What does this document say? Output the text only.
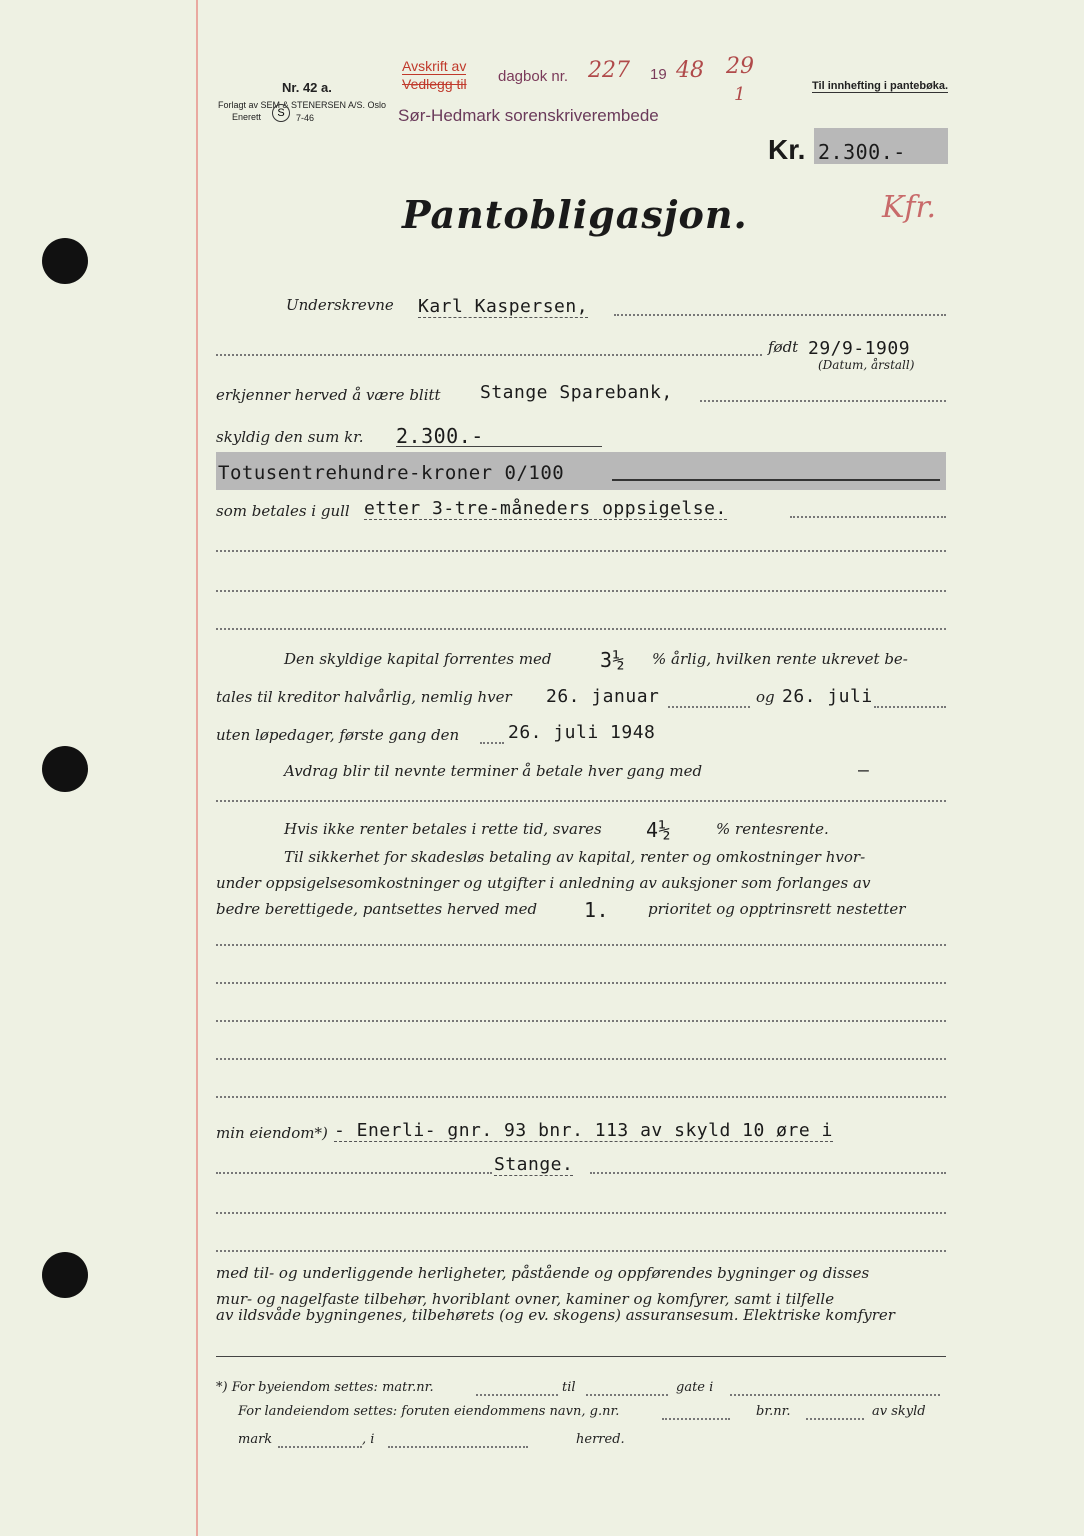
Nr. 42 a.
Forlagt av SEM & STENERSEN A/S. Oslo
Enerett	S	7-46
Avskrift av
Vedlegg til dagbok nr. 227 19 48 29
1
Sør-Hedmark sorenskriverembede
Til innhefting i pantebøka.
Kr. 2.300.-
Kfr.
Pantobligasjon.
Underskrevne Karl Kaspersen,
født 29/9-1909
(Datum, årstall)
erkjenner herved å være blitt Stange Sparebank,
skyldig den sum kr. 2.300.-
Totusentrehundre-kroner 0/100
som betales i gull etter 3-tre-måneders oppsigelse.
Den skyldige kapital forrentes med 3½ % årlig, hvilken rente ukrevet be-
tales til kreditor halvårlig, nemlig hver 26. januar	og 26. juli
uten løpedager, første gang den	26. juli 1948
Avdrag blir til nevnte terminer å betale hver gang med	—
Hvis ikke renter betales i rette tid, svares 4½	% rentesrente.
Til sikkerhet for skadesløs betaling av kapital, renter og omkostninger hvor-
under oppsigelsesomkostninger og utgifter i anledning av auksjoner som forlanges av
bedre berettigede, pantsettes herved med 1.	prioritet og opptrinsrett nestetter
min eiendom*) - Enerli- gnr. 93 bnr. 113 av skyld 10 øre i
Stange.
med til- og underliggende herligheter, påstående og oppførendes bygninger og disses
mur- og nagelfaste tilbehør, hvoriblant ovner, kaminer og komfyrer, samt i tilfelle
av ildsvåde bygningenes, tilbehørets (og ev. skogens) assuransesum. Elektriske komfyrer
*) For byeiendom settes: matr.nr.	til	gate i
For landeiendom settes: foruten eiendommens navn, g.nr.	br.nr.	av skyld
mark	, i	herred.
